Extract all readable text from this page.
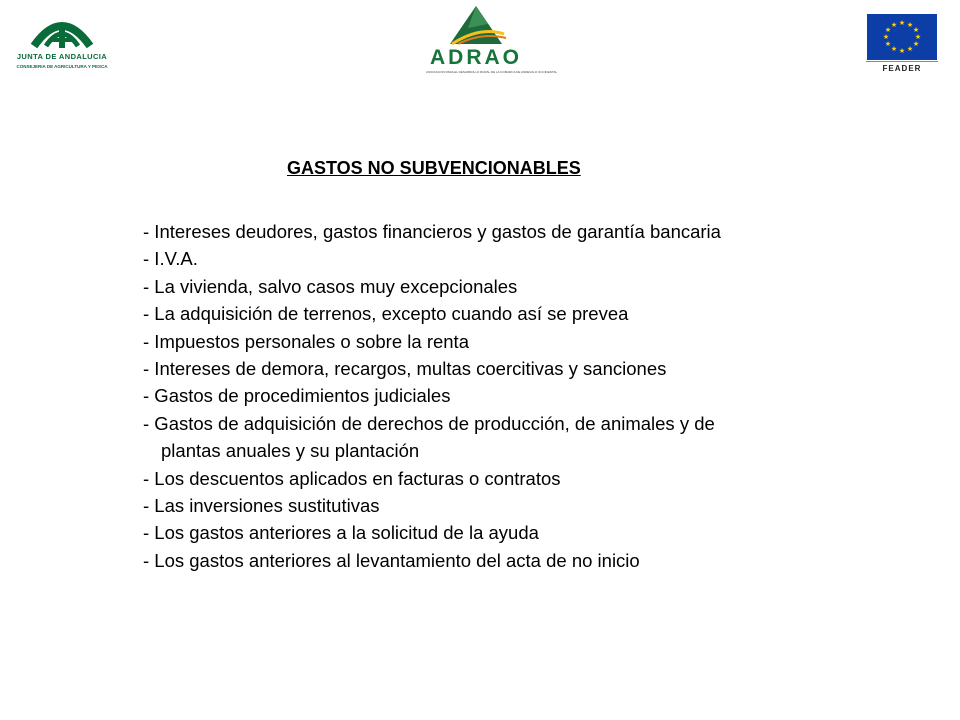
JUNTA DE ANDALUCIA
CONSEJERIA DE AGRICULTURA Y PESCA	ADRAO
ASOCIACION PARA EL DESARROLLO RURAL DE LA COMARCA DE ANDEVALO OCCIDENTAL
★ ★
★
★
★
★
★
★
★
★
★
★
FEADER
GASTOS NO SUBVENCIONABLES
- Intereses deudores, gastos financieros y gastos de garantía bancaria
- I.V.A.
- La vivienda, salvo casos muy excepcionales
- La adquisición de terrenos, excepto cuando así se prevea
- Impuestos personales o sobre la renta
- Intereses de demora, recargos, multas coercitivas y sanciones
- Gastos de procedimientos judiciales
- Gastos de adquisición de derechos de producción, de animales y de
plantas anuales y su plantación
- Los descuentos aplicados en facturas o contratos
- Las inversiones sustitutivas
- Los gastos anteriores a la solicitud de la ayuda
- Los gastos anteriores al levantamiento del acta de no inicio
